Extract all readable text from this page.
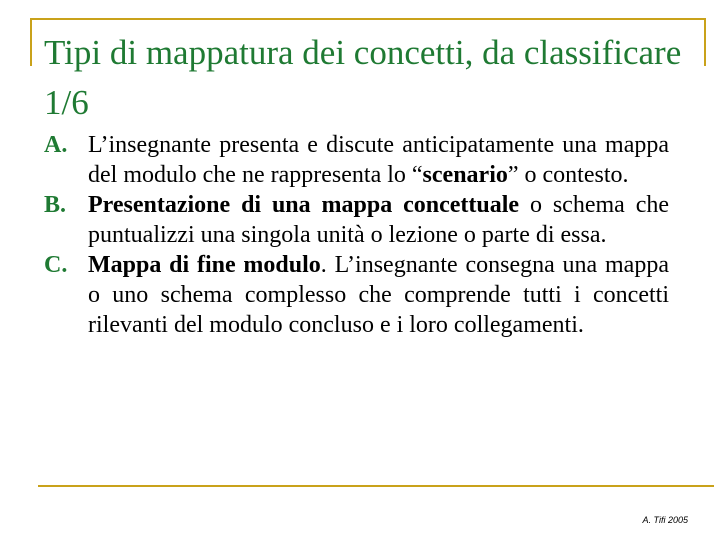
Tipi di mappatura dei concetti, da classificare 1/6
A. L’insegnante presenta e discute anticipatamente una mappa del modulo che ne rappresenta lo “scenario” o contesto.
B. Presentazione di una mappa concettuale o schema che puntualizzi una singola unità o lezione o parte di essa.
C. Mappa di fine modulo. L’insegnante consegna una mappa o uno schema complesso che comprende tutti i concetti rilevanti del modulo concluso e i loro collegamenti.
A. Tifi 2005
